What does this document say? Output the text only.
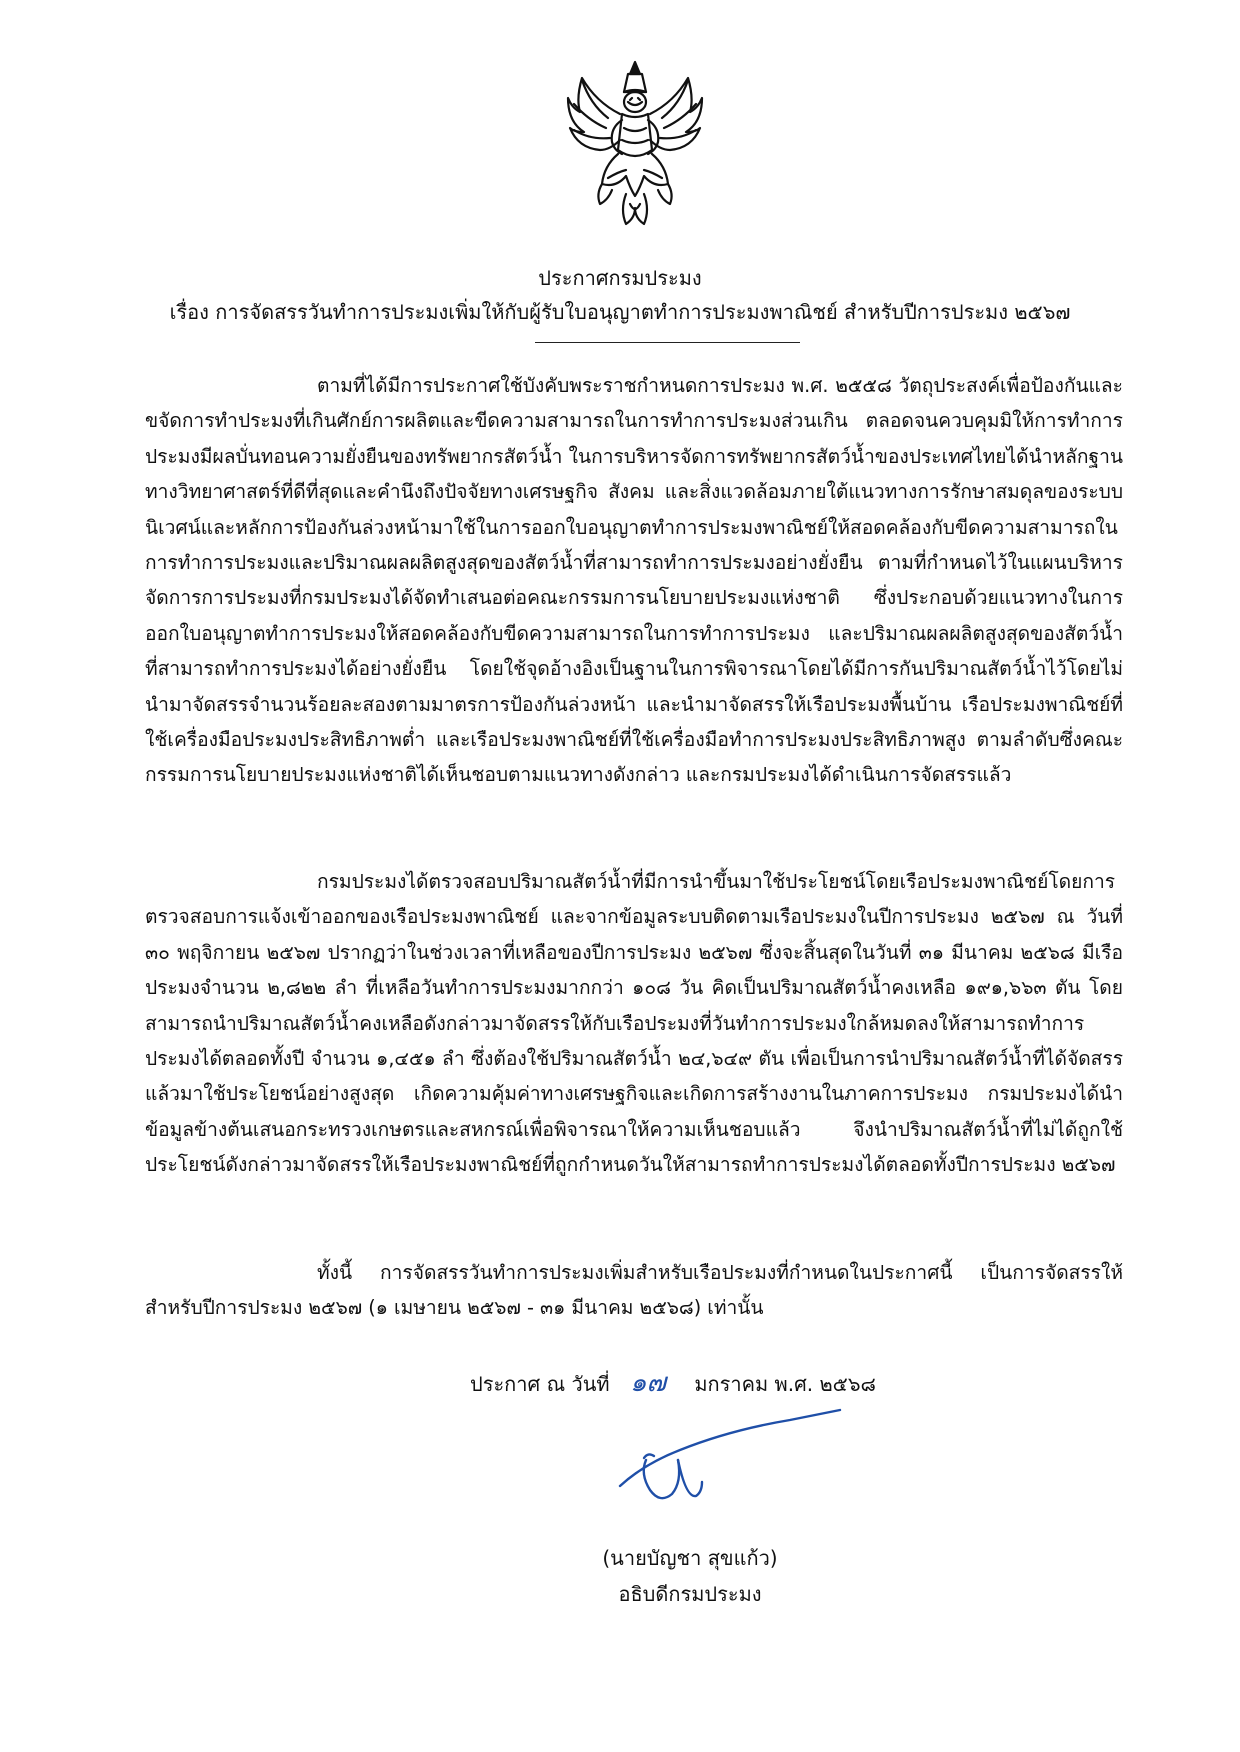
ประกาศกรมประมง
เรื่อง การจัดสรรวันทำการประมงเพิ่มให้กับผู้รับใบอนุญาตทำการประมงพาณิชย์ สำหรับปีการประมง ๒๕๖๗
ตามที่ได้มีการประกาศใช้บังคับพระราชกำหนดการประมง พ.ศ. ๒๕๕๘ วัตถุประสงค์เพื่อป้องกันและขจัดการทำประมงที่เกินศักย์การผลิตและขีดความสามารถในการทำการประมงส่วนเกิน ตลอดจนควบคุมมิให้การทำการประมงมีผลบั่นทอนความยั่งยืนของทรัพยากรสัตว์น้ำ ในการบริหารจัดการทรัพยากรสัตว์น้ำของประเทศไทยได้นำหลักฐานทางวิทยาศาสตร์ที่ดีที่สุดและคำนึงถึงปัจจัยทางเศรษฐกิจ สังคม และสิ่งแวดล้อมภายใต้แนวทางการรักษาสมดุลของระบบนิเวศน์และหลักการป้องกันล่วงหน้ามาใช้ในการออกใบอนุญาตทำการประมงพาณิชย์ให้สอดคล้องกับขีดความสามารถในการทำการประมงและปริมาณผลผลิตสูงสุดของสัตว์น้ำที่สามารถทำการประมงอย่างยั่งยืน ตามที่กำหนดไว้ในแผนบริหารจัดการการประมงที่กรมประมงได้จัดทำเสนอต่อคณะกรรมการนโยบายประมงแห่งชาติ ซึ่งประกอบด้วยแนวทางในการออกใบอนุญาตทำการประมงให้สอดคล้องกับขีดความสามารถในการทำการประมง และปริมาณผลผลิตสูงสุดของสัตว์น้ำที่สามารถทำการประมงได้อย่างยั่งยืน โดยใช้จุดอ้างอิงเป็นฐานในการพิจารณาโดยได้มีการกันปริมาณสัตว์น้ำไว้โดยไม่นำมาจัดสรรจำนวนร้อยละสองตามมาตรการป้องกันล่วงหน้า และนำมาจัดสรรให้เรือประมงพื้นบ้าน เรือประมงพาณิชย์ที่ใช้เครื่องมือประมงประสิทธิภาพต่ำ และเรือประมงพาณิชย์ที่ใช้เครื่องมือทำการประมงประสิทธิภาพสูง ตามลำดับซึ่งคณะกรรมการนโยบายประมงแห่งชาติได้เห็นชอบตามแนวทางดังกล่าว และกรมประมงได้ดำเนินการจัดสรรแล้ว
กรมประมงได้ตรวจสอบปริมาณสัตว์น้ำที่มีการนำขึ้นมาใช้ประโยชน์โดยเรือประมงพาณิชย์โดยการตรวจสอบการแจ้งเข้าออกของเรือประมงพาณิชย์ และจากข้อมูลระบบติดตามเรือประมงในปีการประมง ๒๕๖๗ ณ วันที่ ๓๐ พฤจิกายน ๒๕๖๗ ปรากฏว่าในช่วงเวลาที่เหลือของปีการประมง ๒๕๖๗ ซึ่งจะสิ้นสุดในวันที่ ๓๑ มีนาคม ๒๕๖๘ มีเรือประมงจำนวน ๒,๘๒๒ ลำ ที่เหลือวันทำการประมงมากกว่า ๑๐๘ วัน คิดเป็นปริมาณสัตว์น้ำคงเหลือ ๑๙๑,๖๖๓ ตัน โดยสามารถนำปริมาณสัตว์น้ำคงเหลือดังกล่าวมาจัดสรรให้กับเรือประมงที่วันทำการประมงใกล้หมดลงให้สามารถทำการประมงได้ตลอดทั้งปี จำนวน ๑,๔๕๑ ลำ ซึ่งต้องใช้ปริมาณสัตว์น้ำ ๒๔,๖๔๙ ตัน เพื่อเป็นการนำปริมาณสัตว์น้ำที่ได้จัดสรรแล้วมาใช้ประโยชน์อย่างสูงสุด เกิดความคุ้มค่าทางเศรษฐกิจและเกิดการสร้างงานในภาคการประมง กรมประมงได้นำข้อมูลข้างต้นเสนอกระทรวงเกษตรและสหกรณ์เพื่อพิจารณาให้ความเห็นชอบแล้ว จึงนำปริมาณสัตว์น้ำที่ไม่ได้ถูกใช้ประโยชน์ดังกล่าวมาจัดสรรให้เรือประมงพาณิชย์ที่ถูกกำหนดวันให้สามารถทำการประมงได้ตลอดทั้งปีการประมง ๒๕๖๗
ทั้งนี้ การจัดสรรวันทำการประมงเพิ่มสำหรับเรือประมงที่กำหนดในประกาศนี้ เป็นการจัดสรรให้สำหรับปีการประมง ๒๕๖๗ (๑ เมษายน ๒๕๖๗ - ๓๑ มีนาคม ๒๕๖๘) เท่านั้น
ประกาศ ณ วันที่ ๑๗ มกราคม พ.ศ. ๒๕๖๘
(นายบัญชา สุขแก้ว)
อธิบดีกรมประมง
